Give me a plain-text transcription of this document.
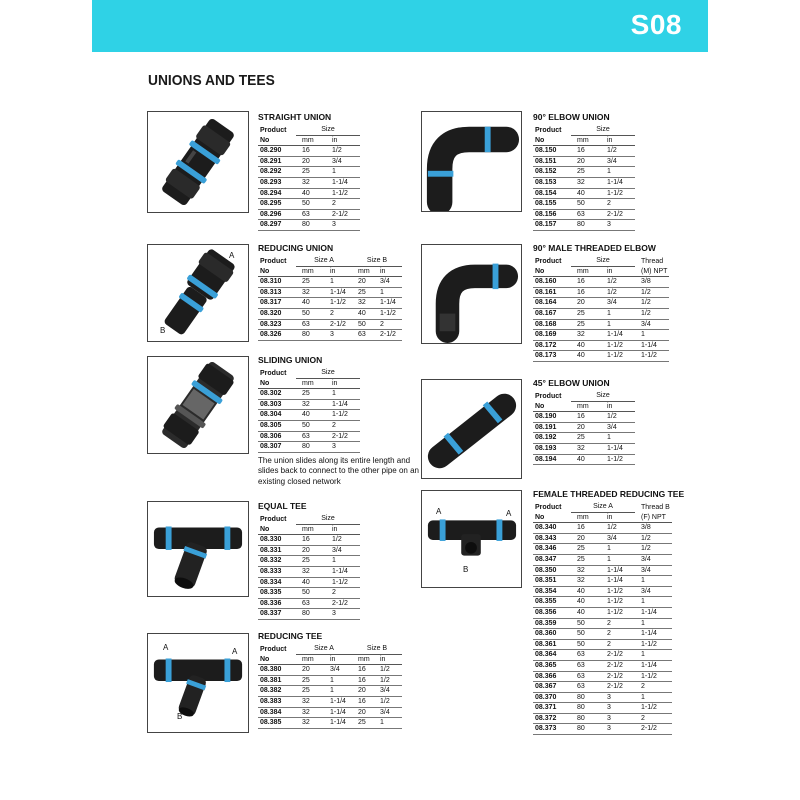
S08
UNIONS AND TEES
A
B
A	A
B
A	A
B
STRAIGHT UNION
Product	Size	
No	mm	in
08.290	16	1/2
08.291	20	3/4
08.292	25	1
08.293	32	1-1/4
08.294	40	1-1/2
08.295	50	2
08.296	63	2-1/2
08.297	80	3
REDUCING UNION
Product	Size A		Size B	
No	mm	in	mm	in
08.310	25	1	20	3/4
08.313	32	1-1/4	25	1
08.317	40	1-1/2	32	1-1/4
08.320	50	2	40	1-1/2
08.323	63	2-1/2	50	2
08.326	80	3	63	2-1/2
SLIDING UNION
Product	Size	
No	mm	in
08.302	25	1
08.303	32	1-1/4
08.304	40	1-1/2
08.305	50	2
08.306	63	2-1/2
08.307	80	3
The union slides along its entire length and slides back to connect to the other pipe on an existing closed network
EQUAL TEE
Product	Size	
No	mm	in
08.330	16	1/2
08.331	20	3/4
08.332	25	1
08.333	32	1-1/4
08.334	40	1-1/2
08.335	50	2
08.336	63	2-1/2
08.337	80	3
REDUCING TEE
Product	Size A		Size B	
No	mm	in	mm	in
08.380	20	3/4	16	1/2
08.381	25	1	16	1/2
08.382	25	1	20	3/4
08.383	32	1-1/4	16	1/2
08.384	32	1-1/4	20	3/4
08.385	32	1-1/4	25	1
90° ELBOW UNION
Product	Size	
No	mm	in
08.150	16	1/2
08.151	20	3/4
08.152	25	1
08.153	32	1-1/4
08.154	40	1-1/2
08.155	50	2
08.156	63	2-1/2
08.157	80	3
90° MALE THREADED ELBOW
Product	Size		Thread
No	mm	in	(M) NPT
08.160	16	1/2	3/8
08.161	16	1/2	1/2
08.164	20	3/4	1/2
08.167	25	1	1/2
08.168	25	1	3/4
08.169	32	1-1/4	1
08.172	40	1-1/2	1-1/4
08.173	40	1-1/2	1-1/2
45° ELBOW UNION
Product	Size	
No	mm	in
08.190	16	1/2
08.191	20	3/4
08.192	25	1
08.193	32	1-1/4
08.194	40	1-1/2
FEMALE THREADED REDUCING TEE
Product	Size A		Thread B
No	mm	in	(F) NPT
08.340	16	1/2	3/8
08.343	20	3/4	1/2
08.346	25	1	1/2
08.347	25	1	3/4
08.350	32	1-1/4	3/4
08.351	32	1-1/4	1
08.354	40	1-1/2	3/4
08.355	40	1-1/2	1
08.356	40	1-1/2	1-1/4
08.359	50	2	1
08.360	50	2	1-1/4
08.361	50	2	1-1/2
08.364	63	2-1/2	1
08.365	63	2-1/2	1-1/4
08.366	63	2-1/2	1-1/2
08.367	63	2-1/2	2
08.370	80	3	1
08.371	80	3	1-1/2
08.372	80	3	2
08.373	80	3	2-1/2
